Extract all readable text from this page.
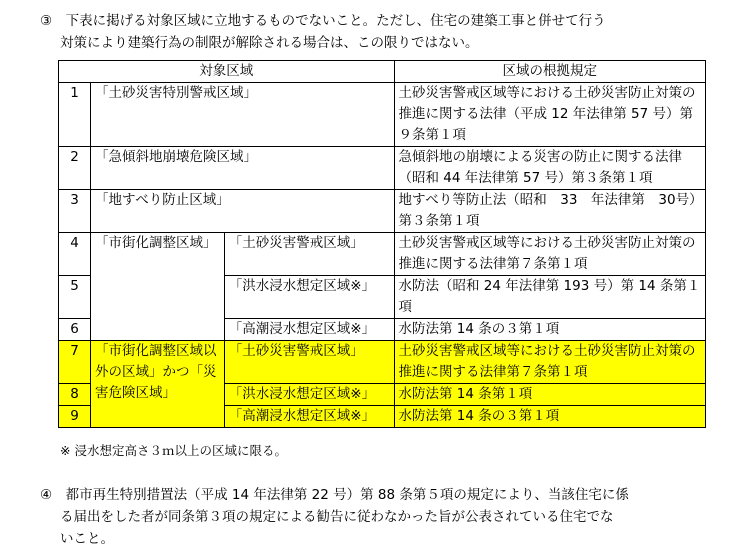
③　下表に掲げる対象区域に立地するものでないこと。ただし、住宅の建築工事と併せて行う
対策により建築行為の制限が解除される場合は、この限りではない。
対象区域			区域の根拠規定
1	「土砂災害特別警戒区域」		土砂災害警戒区域等における土砂災害防止対策の推進に関する法律（平成 12 年法律第 57 号）第９条第１項
2	「急傾斜地崩壊危険区域」		急傾斜地の崩壊による災害の防止に関する法律（昭和 44 年法律第 57 号）第３条第１項
3	「地すべり防止区域」		地すべり等防止法（昭和　33　年法律第　30号）第３条第１項
4	「市街化調整区域」	「土砂災害警戒区域」	土砂災害警戒区域等における土砂災害防止対策の推進に関する法律第７条第１項
5		「洪水浸水想定区域※」	水防法（昭和 24 年法律第 193 号）第 14 条第１項
6		「高潮浸水想定区域※」	水防法第 14 条の３第１項
7	「市街化調整区域以外の区域」かつ「災害危険区域」	「土砂災害警戒区域」	土砂災害警戒区域等における土砂災害防止対策の推進に関する法律第７条第１項
8		「洪水浸水想定区域※」	水防法第 14 条第１項
9		「高潮浸水想定区域※」	水防法第 14 条の３第１項
※ 浸水想定高さ３ｍ以上の区域に限る。
④　都市再生特別措置法（平成 14 年法律第 22 号）第 88 条第５項の規定により、当該住宅に係
る届出をした者が同条第３項の規定による勧告に従わなかった旨が公表されている住宅でな
いこと。
